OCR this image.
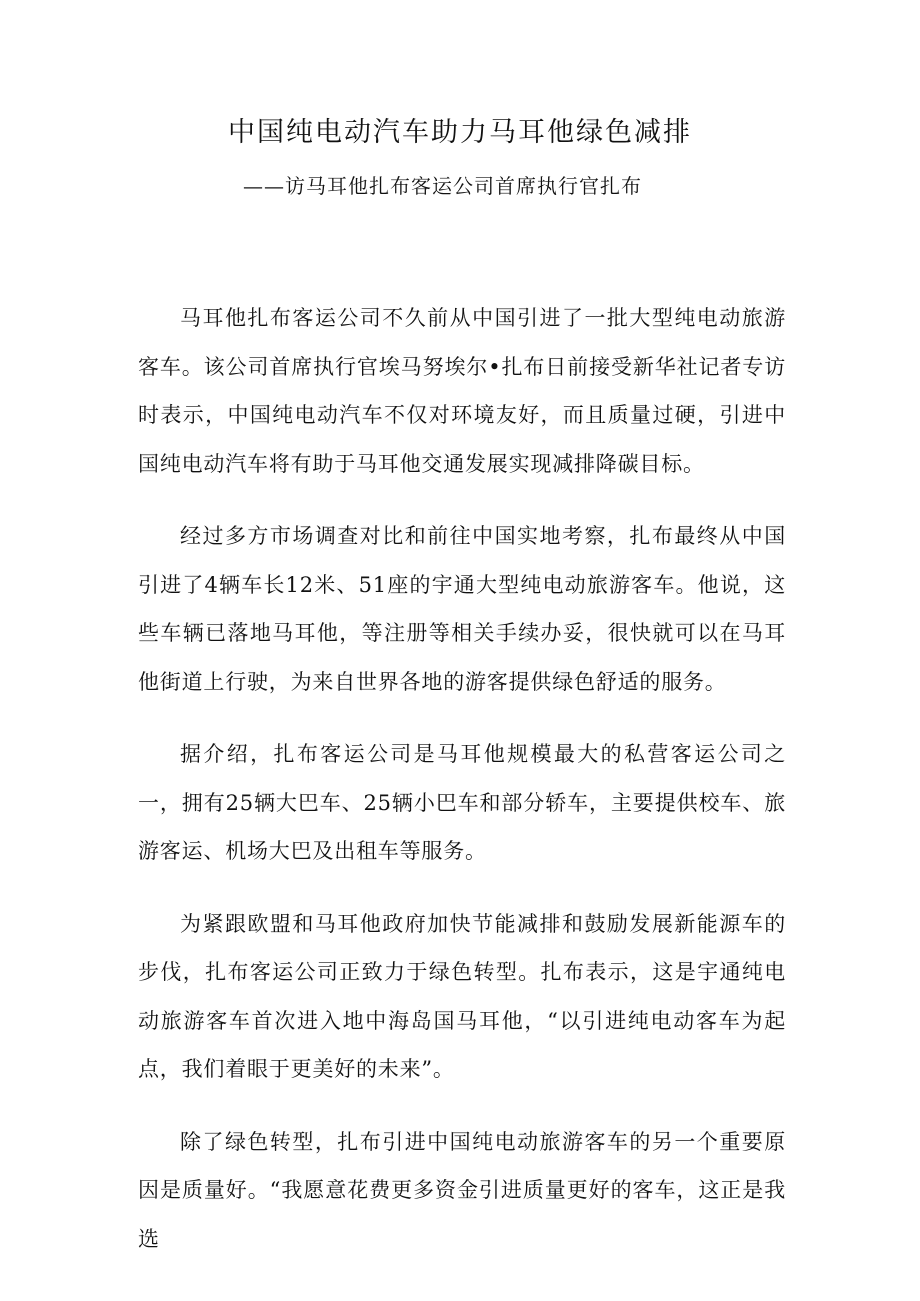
中国纯电动汽车助力马耳他绿色减排

——访马耳他扎布客运公司首席执行官扎布

马耳他扎布客运公司不久前从中国引进了一批大型纯电动旅游客车。该公司首席执行官埃马努埃尔•扎布日前接受新华社记者专访时表示，中国纯电动汽车不仅对环境友好，而且质量过硬，引进中国纯电动汽车将有助于马耳他交通发展实现减排降碳目标。

经过多方市场调查对比和前往中国实地考察，扎布最终从中国引进了4辆车长12米、51座的宇通大型纯电动旅游客车。他说，这些车辆已落地马耳他，等注册等相关手续办妥，很快就可以在马耳他街道上行驶，为来自世界各地的游客提供绿色舒适的服务。

据介绍，扎布客运公司是马耳他规模最大的私营客运公司之一，拥有25辆大巴车、25辆小巴车和部分轿车，主要提供校车、旅游客运、机场大巴及出租车等服务。

为紧跟欧盟和马耳他政府加快节能减排和鼓励发展新能源车的步伐，扎布客运公司正致力于绿色转型。扎布表示，这是宇通纯电动旅游客车首次进入地中海岛国马耳他，“以引进纯电动客车为起点，我们着眼于更美好的未来”。

除了绿色转型，扎布引进中国纯电动旅游客车的另一个重要原因是质量好。“我愿意花费更多资金引进质量更好的客车，这正是我选
